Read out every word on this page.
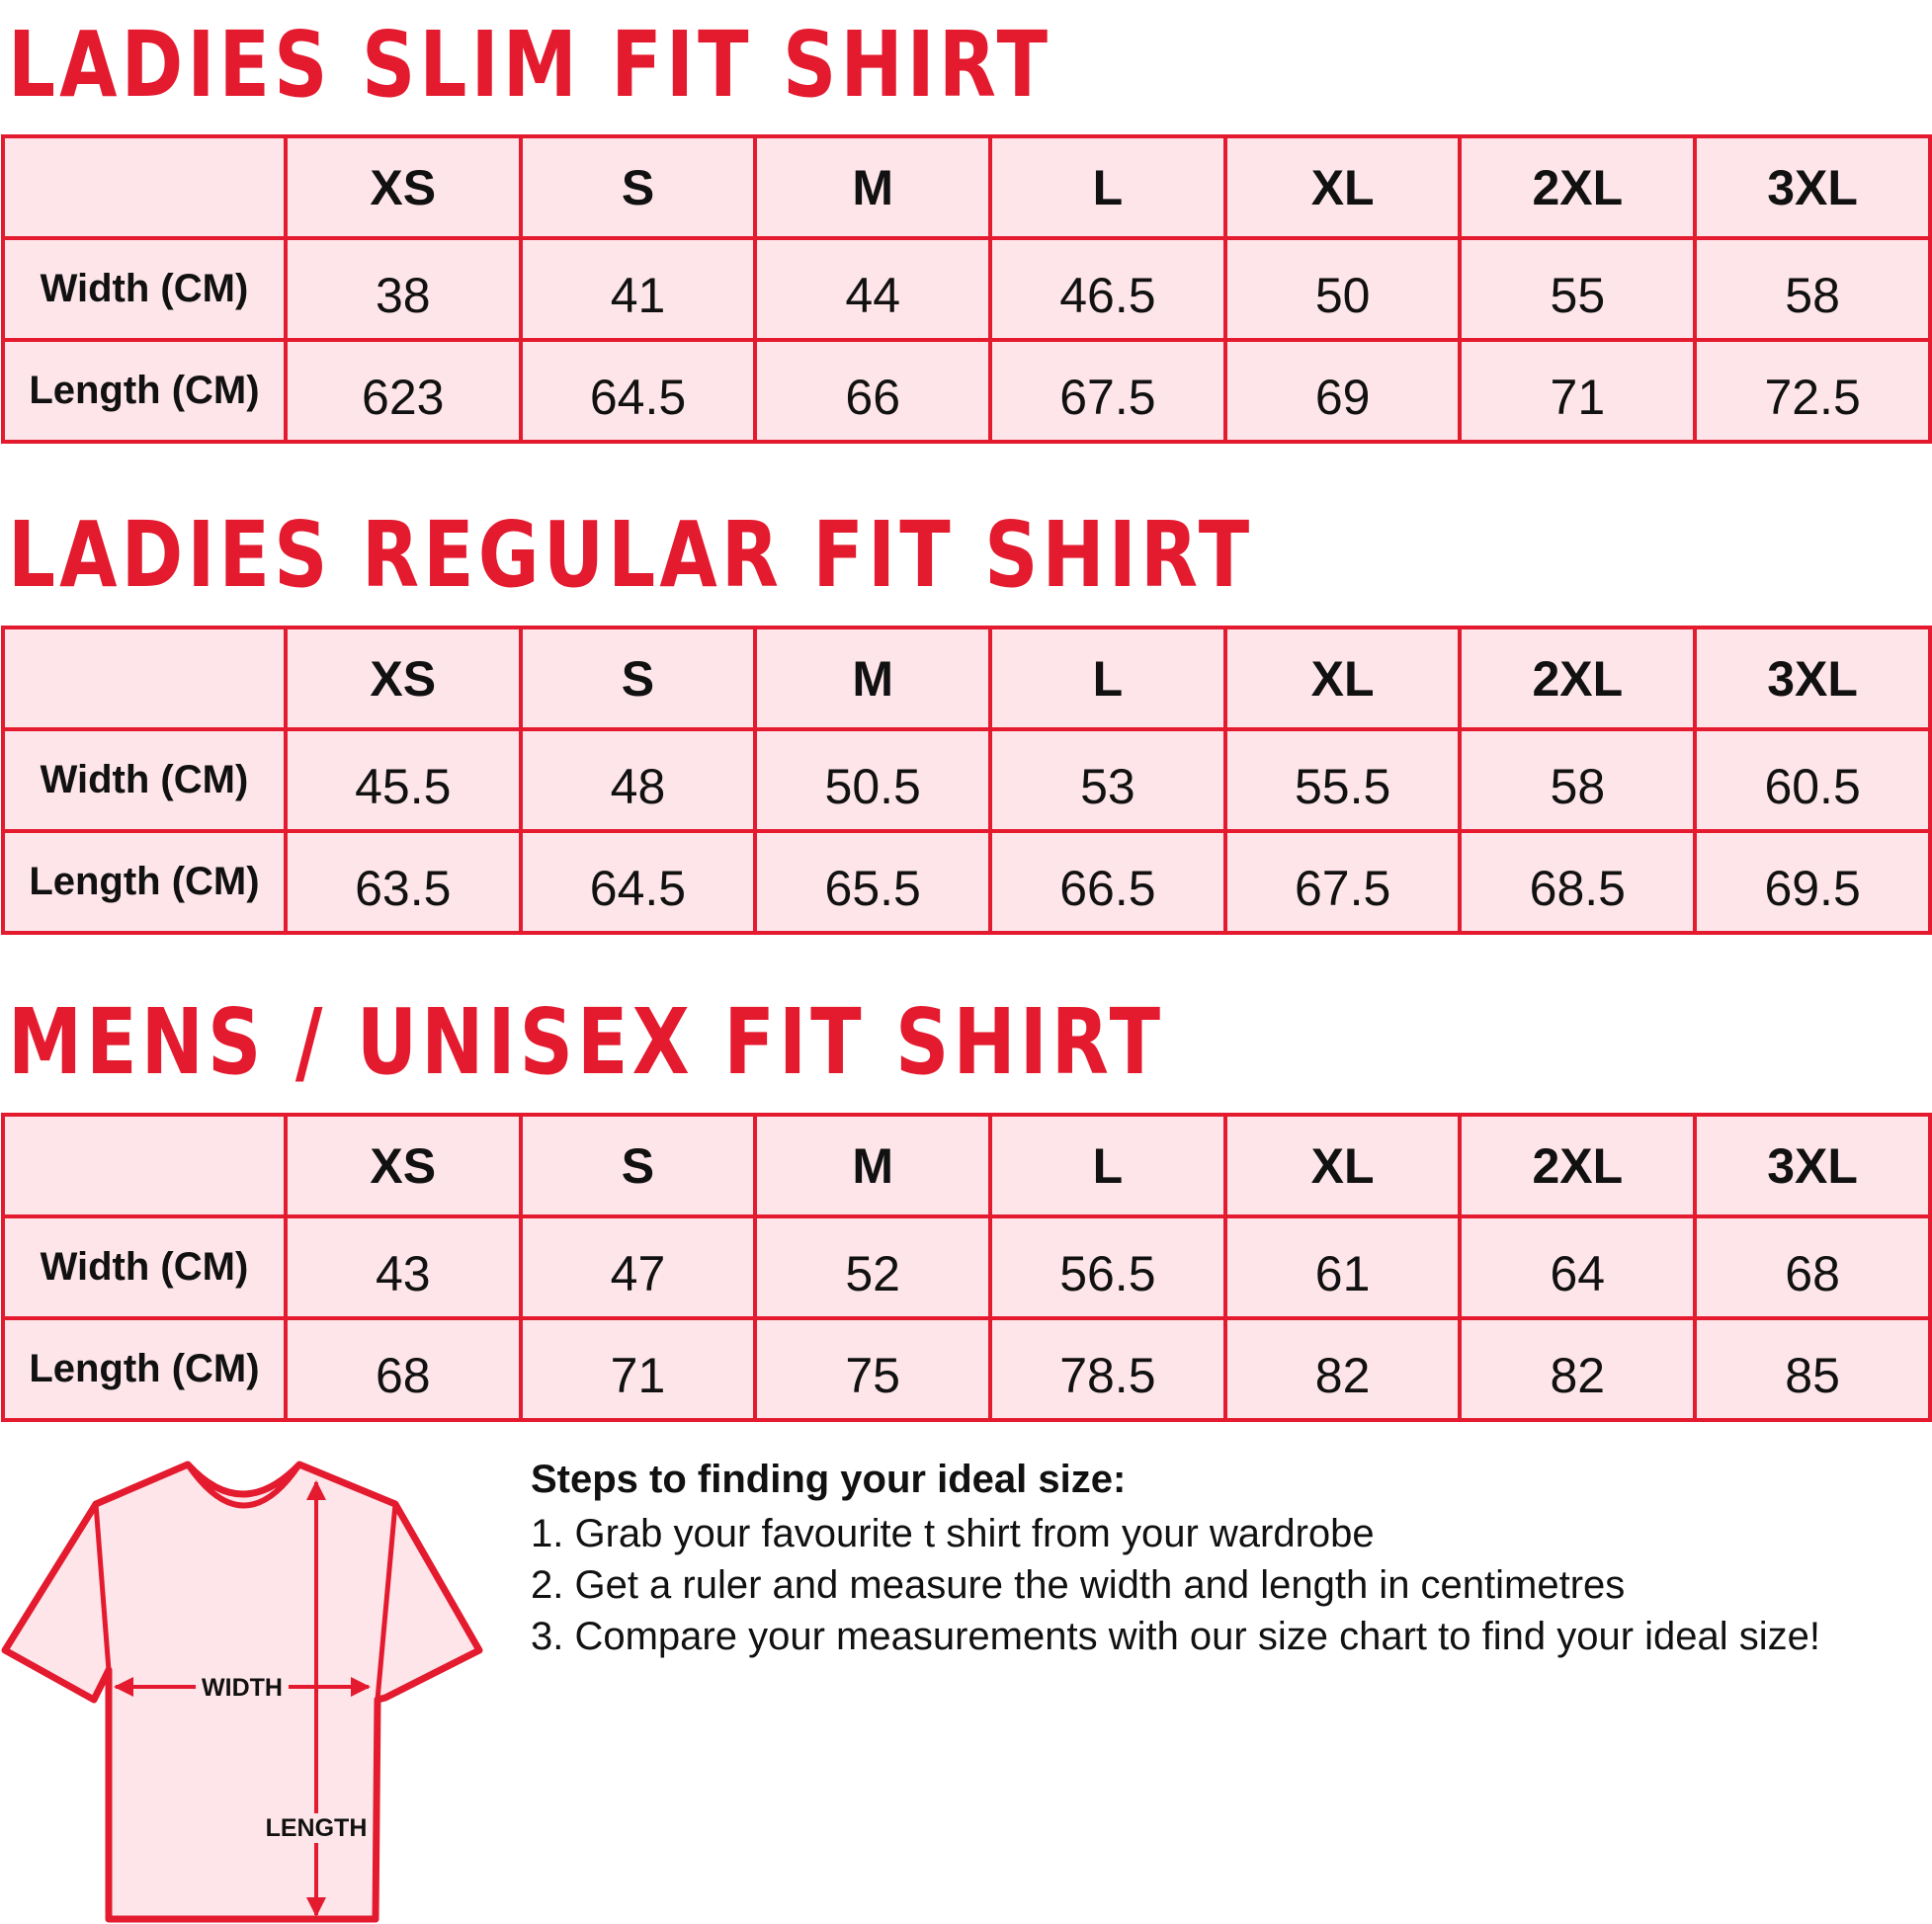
LADIES SLIM FIT SHIRT
	XS	S	M	L	XL	2XL	3XL
Width (CM)	38	41	44	46.5	50	55	58
Length (CM)	623	64.5	66	67.5	69	71	72.5
LADIES REGULAR FIT SHIRT
	XS	S	M	L	XL	2XL	3XL
Width (CM)	45.5	48	50.5	53	55.5	58	60.5
Length (CM)	63.5	64.5	65.5	66.5	67.5	68.5	69.5
MENS / UNISEX FIT SHIRT
	XS	S	M	L	XL	2XL	3XL
Width (CM)	43	47	52	56.5	61	64	68
Length (CM)	68	71	75	78.5	82	82	85
WIDTH
LENGTH

Steps to finding your ideal size:

1. Grab your favourite t shirt from your wardrobe
2. Get a ruler and measure the width and length in centimetres
3. Compare your measurements with our size chart to find your ideal size!
